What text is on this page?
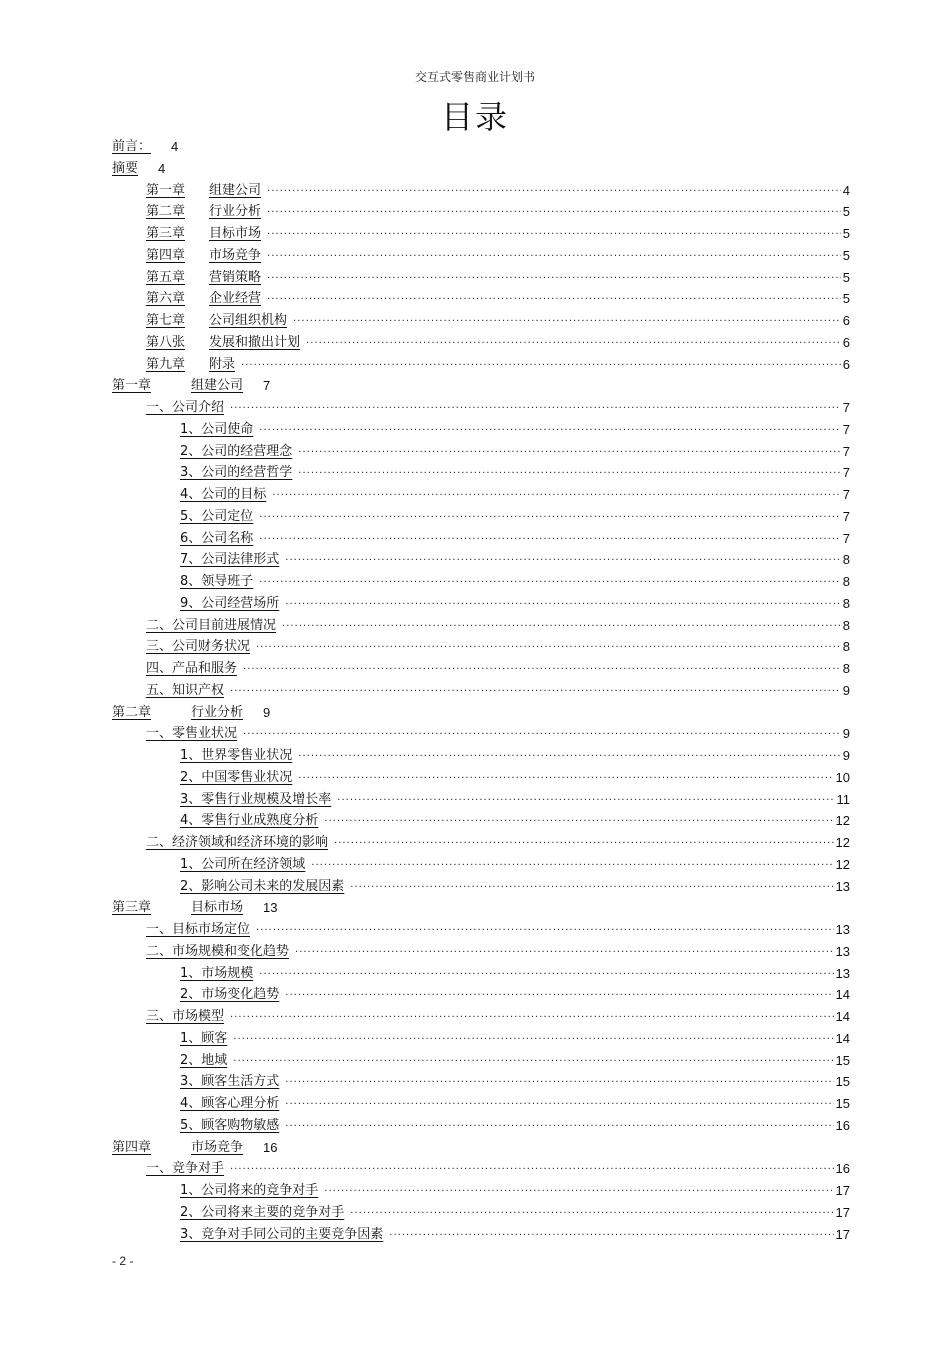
交互式零售商业计划书
目录
前言：	4
摘要	4
第一章 组建公司 .....	4
第二章 行业分析 .....	5
第三章 目标市场 .....	5
第四章 市场竞争 .....	5
第五章 营销策略 .....	5
第六章 企业经营 .....	5
第七章 公司组织机构 .....	6
第八张 发展和撤出计划 .....	6
第九章 附录 .....	6
第一章	组建公司	7
一、公司介绍 .....	7
1、公司使命 .....	7
2、公司的经营理念 .....	7
3、公司的经营哲学 .....	7
4、公司的目标 .....	7
5、公司定位 .....	7
6、公司名称 .....	7
7、公司法律形式 .....	8
8、领导班子 .....	8
9、公司经营场所 .....	8
二、公司目前进展情况 .....	8
三、公司财务状况 .....	8
四、产品和服务 .....	8
五、知识产权 .....	9
第二章	行业分析	9
一、零售业状况 .....	9
1、世界零售业状况 .....	9
2、中国零售业状况 .....	10
3、零售行业规模及增长率 .....	11
4、零售行业成熟度分析 .....	12
二、经济领域和经济环境的影响 .....	12
1、公司所在经济领域 .....	12
2、影响公司未来的发展因素 .....	13
第三章	目标市场	13
一、目标市场定位 .....	13
二、市场规模和变化趋势 .....	13
1、市场规模 .....	13
2、市场变化趋势 .....	14
三、市场模型 .....	14
1、顾客 .....	14
2、地域 .....	15
3、顾客生活方式 .....	15
4、顾客心理分析 .....	15
5、顾客购物敏感 .....	16
第四章	市场竞争	16
一、竞争对手 .....	16
1、公司将来的竞争对手 .....	17
2、公司将来主要的竞争对手 .....	17
3、竞争对手同公司的主要竞争因素 .....	17
- 2 -
